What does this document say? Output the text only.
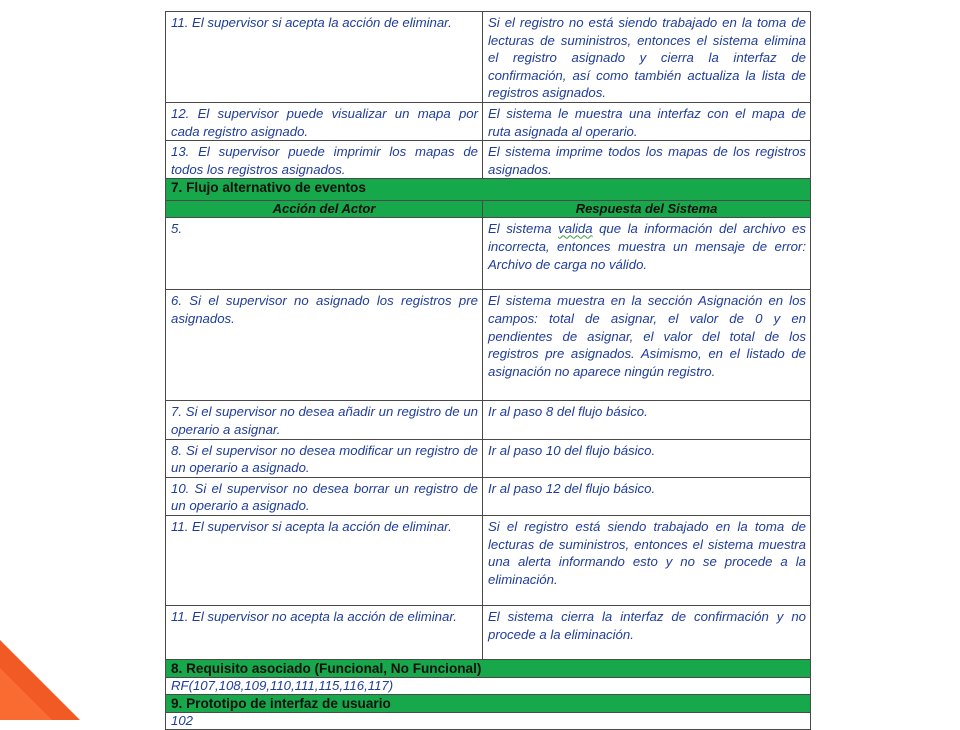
11. El supervisor si acepta la acción de eliminar.	Si el registro no está siendo trabajado en la toma de lecturas de suministros, entonces el sistema elimina el registro asignado y cierra la interfaz de confirmación, así como también actualiza la lista de registros asignados.
12. El supervisor puede visualizar un mapa por cada registro asignado.	El sistema le muestra una interfaz con el mapa de ruta asignada al operario.
13. El supervisor puede imprimir los mapas de todos los registros asignados.	El sistema imprime todos los mapas de los registros asignados.
7. Flujo alternativo de eventos	
Acción del Actor	Respuesta del Sistema
5.	El sistema valida que la información del archivo es incorrecta, entonces muestra un mensaje de error: Archivo de carga no válido.
6. Si el supervisor no asignado los registros pre asignados.	El sistema muestra en la sección Asignación en los campos: total de asignar, el valor de 0 y en pendientes de asignar, el valor del total de los registros pre asignados. Asimismo, en el listado de asignación no aparece ningún registro.
7. Si el supervisor no desea añadir un registro de un operario a asignar.	Ir al paso 8 del flujo básico.
8. Si el supervisor no desea modificar un registro de un operario a asignado.	Ir al paso 10 del flujo básico.
10. Si el supervisor no desea borrar un registro de un operario a asignado.	Ir al paso 12 del flujo básico.
11. El supervisor si acepta la acción de eliminar.	Si el registro está siendo trabajado en la toma de lecturas de suministros, entonces el sistema muestra una alerta informando esto y no se procede a la eliminación.
11. El supervisor no acepta la acción de eliminar.	El sistema cierra la interfaz de confirmación y no procede a la eliminación.
8. Requisito asociado (Funcional, No Funcional)	
RF(107,108,109,110,111,115,116,117)	
9. Prototipo de interfaz de usuario	
102	
